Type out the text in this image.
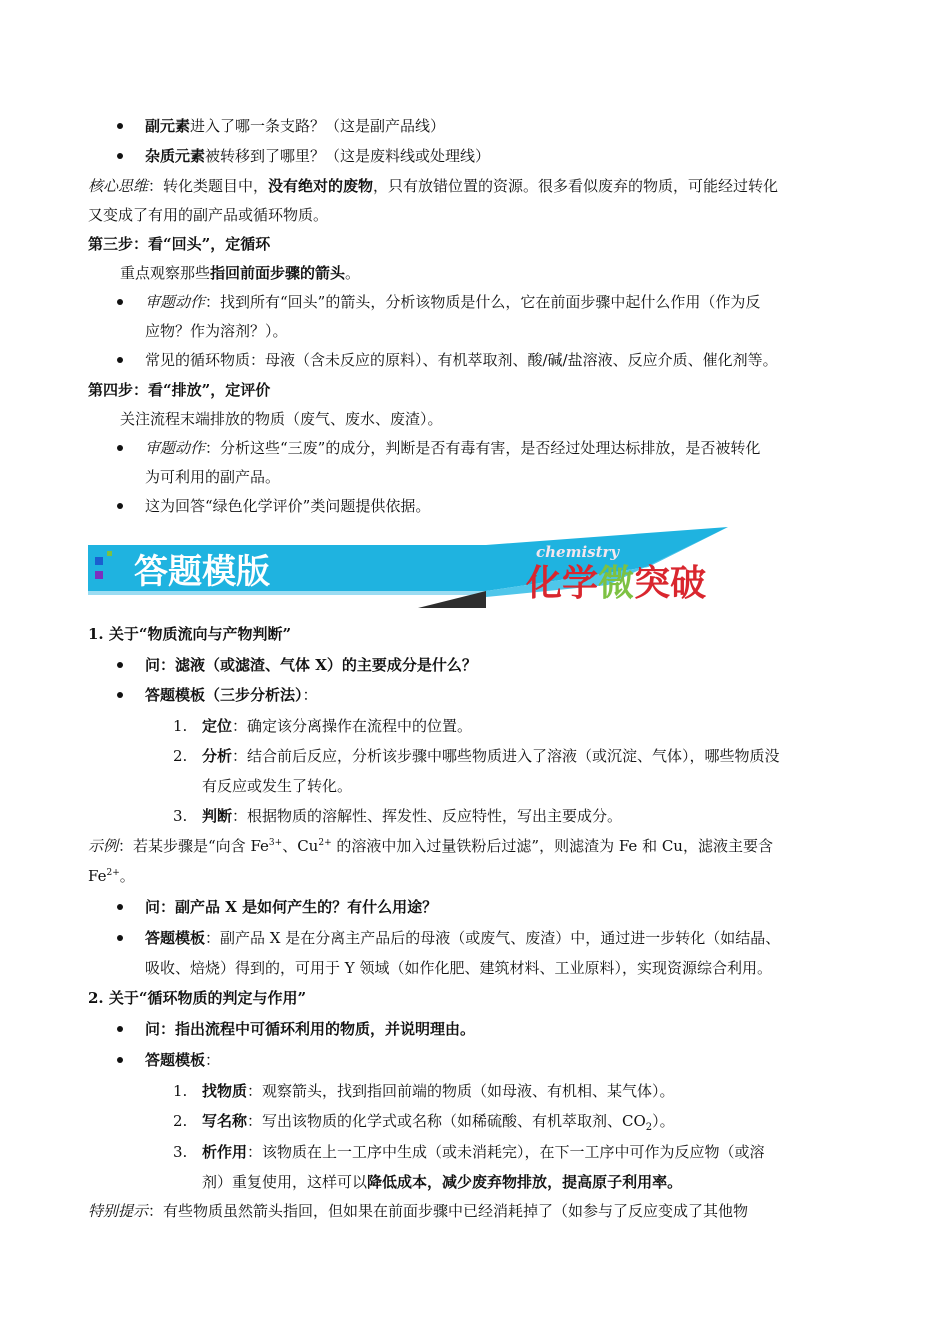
副元素进入了哪一条支路？（这是副产品线）
杂质元素被转移到了哪里？（这是废料线或处理线）
核心思维：转化类题目中，没有绝对的废物，只有放错位置的资源。很多看似废弃的物质，可能经过转化
又变成了有用的副产品或循环物质。
第三步：看“回头”，定循环
重点观察那些指回前面步骤的箭头。
审题动作：找到所有“回头”的箭头，分析该物质是什么，它在前面步骤中起什么作用（作为反
应物？作为溶剂？）。
常见的循环物质：母液（含未反应的原料）、有机萃取剂、酸/碱/盐溶液、反应介质、催化剂等。
第四步：看“排放”，定评价
关注流程末端排放的物质（废气、废水、废渣）。
审题动作：分析这些“三废”的成分，判断是否有毒有害，是否经过处理达标排放，是否被转化
为可利用的副产品。
这为回答“绿色化学评价”类问题提供依据。
答题模版	chemistry
化学微突破
1. 关于“物质流向与产物判断”
问：滤液（或滤渣、气体 X）的主要成分是什么？
答题模板（三步分析法）：
1. 定位：确定该分离操作在流程中的位置。
2. 分析：结合前后反应，分析该步骤中哪些物质进入了溶液（或沉淀、气体），哪些物质没
有反应或发生了转化。
3. 判断：根据物质的溶解性、挥发性、反应特性，写出主要成分。
示例：若某步骤是“向含 $Fe^{3+}$、$Cu^{2+}$ 的溶液中加入过量铁粉后过滤”，则滤渣为 Fe 和 Cu，滤液主要含
$Fe^{2+}$。
问：副产品 X 是如何产生的？有什么用途？
答题模板：副产品 X 是在分离主产品后的母液（或废气、废渣）中，通过进一步转化（如结晶、
吸收、焙烧）得到的，可用于 Y 领域（如作化肥、建筑材料、工业原料），实现资源综合利用。
2. 关于“循环物质的判定与作用”
问：指出流程中可循环利用的物质，并说明理由。
答题模板：
1. 找物质：观察箭头，找到指回前端的物质（如母液、有机相、某气体）。
2. 写名称：写出该物质的化学式或名称（如稀硫酸、有机萃取剂、$CO_2$）。
3. 析作用：该物质在上一工序中生成（或未消耗完），在下一工序中可作为反应物（或溶
剂）重复使用，这样可以降低成本，减少废弃物排放，提高原子利用率。
特别提示：有些物质虽然箭头指回，但如果在前面步骤中已经消耗掉了（如参与了反应变成了其他物
